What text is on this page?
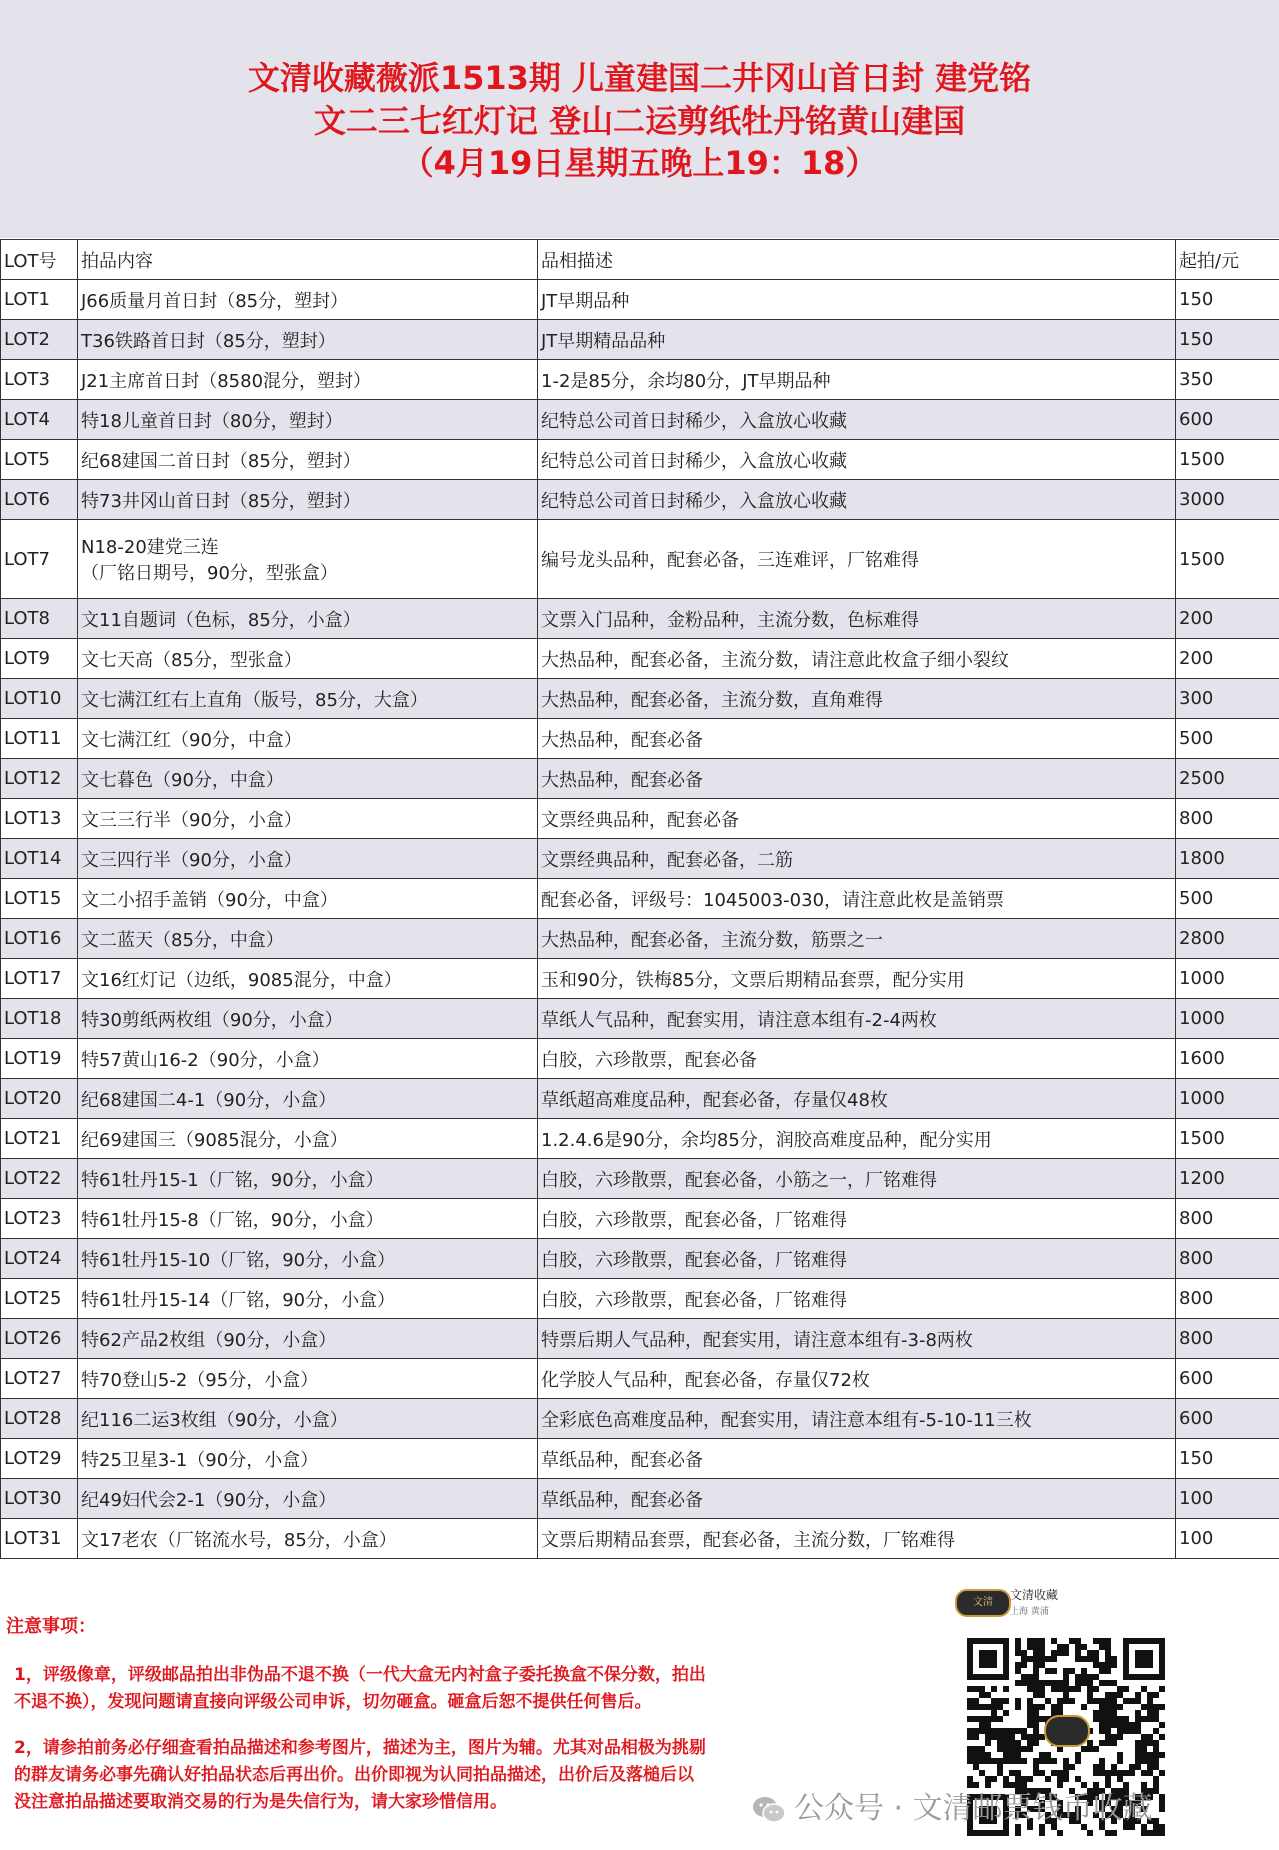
文清收藏薇派1513期 儿童建国二井冈山首日封 建党铭
文二三七红灯记 登山二运剪纸牡丹铭黄山建国
（4月19日星期五晚上19：18）
LOT号	拍品内容	品相描述	起拍/元
LOT1	J66质量月首日封（85分，塑封）	JT早期品种	150
LOT2	T36铁路首日封（85分，塑封）	JT早期精品品种	150
LOT3	J21主席首日封（8580混分，塑封）	1-2是85分，余均80分，JT早期品种	350
LOT4	特18儿童首日封（80分，塑封）	纪特总公司首日封稀少，入盒放心收藏	600
LOT5	纪68建国二首日封（85分，塑封）	纪特总公司首日封稀少，入盒放心收藏	1500
LOT6	特73井冈山首日封（85分，塑封）	纪特总公司首日封稀少，入盒放心收藏	3000
LOT7	N18-20建党三连
（厂铭日期号，90分，型张盒）	编号龙头品种，配套必备，三连难评，厂铭难得	1500
LOT8	文11自题词（色标，85分，小盒）	文票入门品种，金粉品种，主流分数，色标难得	200
LOT9	文七天高（85分，型张盒）	大热品种，配套必备，主流分数，请注意此枚盒子细小裂纹	200
LOT10	文七满江红右上直角（版号，85分，大盒）	大热品种，配套必备，主流分数，直角难得	300
LOT11	文七满江红（90分，中盒）	大热品种，配套必备	500
LOT12	文七暮色（90分，中盒）	大热品种，配套必备	2500
LOT13	文三三行半（90分，小盒）	文票经典品种，配套必备	800
LOT14	文三四行半（90分，小盒）	文票经典品种，配套必备，二筋	1800
LOT15	文二小招手盖销（90分，中盒）	配套必备，评级号：1045003-030，请注意此枚是盖销票	500
LOT16	文二蓝天（85分，中盒）	大热品种，配套必备，主流分数，筋票之一	2800
LOT17	文16红灯记（边纸，9085混分，中盒）	玉和90分，铁梅85分，文票后期精品套票，配分实用	1000
LOT18	特30剪纸两枚组（90分，小盒）	草纸人气品种，配套实用，请注意本组有-2-4两枚	1000
LOT19	特57黄山16-2（90分，小盒）	白胶，六珍散票，配套必备	1600
LOT20	纪68建国二4-1（90分，小盒）	草纸超高难度品种，配套必备，存量仅48枚	1000
LOT21	纪69建国三（9085混分，小盒）	1.2.4.6是90分，余均85分，润胶高难度品种，配分实用	1500
LOT22	特61牡丹15-1（厂铭，90分，小盒）	白胶，六珍散票，配套必备，小筋之一，厂铭难得	1200
LOT23	特61牡丹15-8（厂铭，90分，小盒）	白胶，六珍散票，配套必备，厂铭难得	800
LOT24	特61牡丹15-10（厂铭，90分，小盒）	白胶，六珍散票，配套必备，厂铭难得	800
LOT25	特61牡丹15-14（厂铭，90分，小盒）	白胶，六珍散票，配套必备，厂铭难得	800
LOT26	特62产品2枚组（90分，小盒）	特票后期人气品种，配套实用，请注意本组有-3-8两枚	800
LOT27	特70登山5-2（95分，小盒）	化学胶人气品种，配套必备，存量仅72枚	600
LOT28	纪116二运3枚组（90分，小盒）	全彩底色高难度品种，配套实用，请注意本组有-5-10-11三枚	600
LOT29	特25卫星3-1（90分，小盒）	草纸品种，配套必备	150
LOT30	纪49妇代会2-1（90分，小盒）	草纸品种，配套必备	100
LOT31	文17老农（厂铭流水号，85分，小盒）	文票后期精品套票，配套必备，主流分数，厂铭难得	100
注意事项：
1，评级像章，评级邮品拍出非伪品不退不换（一代大盒无内衬盒子委托换盒不保分数，拍出
不退不换），发现问题请直接向评级公司申诉，切勿砸盒。砸盒后恕不提供任何售后。
2，请参拍前务必仔细查看拍品描述和参考图片，描述为主，图片为辅。尤其对品相极为挑剔
的群友请务必事先确认好拍品状态后再出价。出价即视为认同拍品描述，出价后及落槌后以
没注意拍品描述要取消交易的行为是失信行为，请大家珍惜信用。
文清
文清收藏
上海 黄浦
公众号 · 文清邮票钱币收藏
